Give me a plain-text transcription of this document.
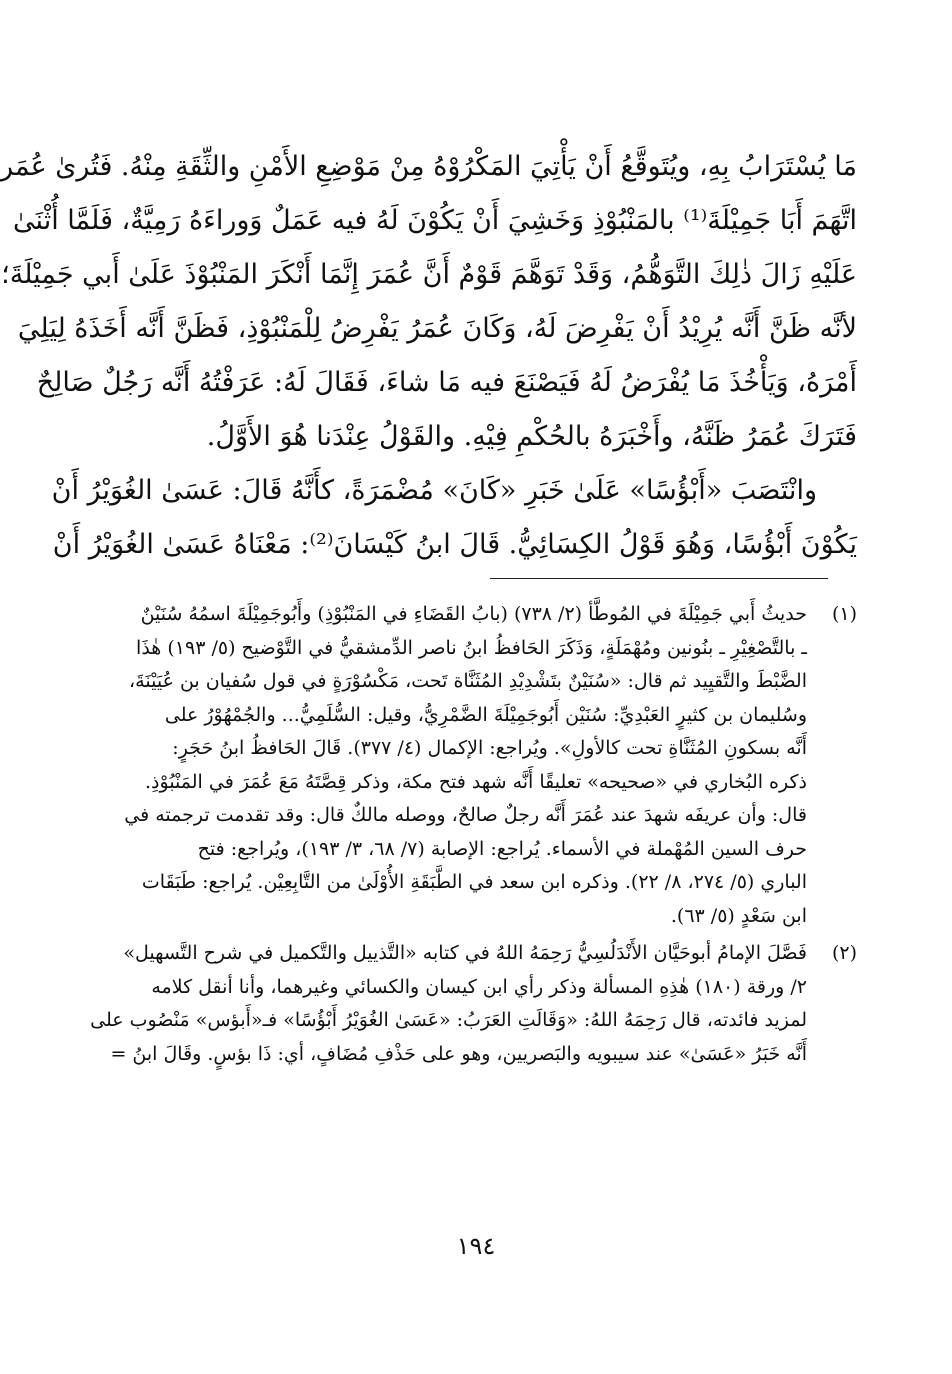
مَا يُسْتَرَابُ بِهِ، ويُتَوقَّعُ أَنْ يَأْتِيَ المَكْرُوْهُ مِنْ مَوْضِعِ الأَمْنِ والثِّقَةِ مِنْهُ. فَتُرىٰ عُمَر
اتَّهَمَ أَبَا جَمِيْلَةَ⁽¹⁾ بالمَنْبُوْذِ وَخَشِيَ أَنْ يَكُوْنَ لَهُ فيه عَمَلٌ وَوراءَهُ رَمِيَّةٌ، فَلَمَّا أُثْنَىٰ
عَلَيْهِ زَالَ ذٰلِكَ التَّوَهُّمُ، وَقَدْ تَوَهَّمَ قَوْمٌ أَنَّ عُمَرَ إِنَّمَا أَنْكَرَ المَنْبُوْذَ عَلَىٰ أَبي جَمِيْلَةَ؛
لأنَّه ظَنَّ أَنَّه يُرِيْدُ أَنْ يَفْرِضَ لَهُ، وَكَانَ عُمَرُ يَفْرِضُ لِلْمَنْبُوْذِ، فَظَنَّ أَنَّه أَخَذَهُ لِيَلِيَ
أَمْرَهُ، وَيَأْخُذَ مَا يُفْرَضُ لَهُ فَيَصْنَعَ فيه مَا شاءَ، فَقَالَ لَهُ: عَرَفْتُهُ أَنَّه رَجُلٌ صَالِحٌ
فَتَرَكَ عُمَرُ ظَنَّهُ، وأَخْبَرَهُ بالحُكْمِ فِيْهِ. والقَوْلُ عِنْدَنا هُوَ الأَوَّلُ.
وانْتَصَبَ «أَبْؤُسًا» عَلَىٰ خَبَرِ «كَانَ» مُضْمَرَةً، كأَنَّهُ قَالَ: عَسَىٰ الغُوَيْرُ أَنْ
يَكُوْنَ أَبْؤُسًا، وَهُوَ قَوْلُ الكِسَائِيُّ. قَالَ ابنُ كَيْسَانَ⁽²⁾: مَعْنَاهُ عَسَىٰ الغُوَيْرُ أَنْ
(١)
حديثُ أَبي جَمِيْلَةَ في المُوطَّأ (٢/ ٧٣٨) (بابُ القَضَاءِ في المَنْبُوْذِ) وأَبُوجَمِيْلَةَ اسمُهُ سُنَيْنٌ
ـ بالتَّصْغِيْرِ ـ بنُونين ومُهْمَلَةٍ، وَذَكَرَ الحَافظُ ابنُ ناصر الدِّمشقيُّ في التَّوْضيح (٥/ ١٩٣) هٰذَا
الضَّبْطَ والتَّقيِيد ثم قال: «سُنَيْنٌ بتَشْدِيْدِ المُثَنَّاة تَحت، مَكْسُوْرَةٍ في قول سُفيان بن عُيَيْنَةَ،
وسُليمان بن كثيرٍ العَبْدِيِّ: سُنَيْن أَبُوجَمِيْلَةَ الضَّمْرِيُّ، وقيل: السُّلَمِيُّ... والجُمْهُوْرُ على
أَنَّه بسكونِ المُثَنَّاةِ تحت كالأولِ». ويُراجع: الإكمال (٤/ ٣٧٧). قَالَ الحَافظُ ابنُ حَجَرٍ:
ذكره البُخاري في «صحيحه» تعليقًا أَنَّه شهد فتح مكة، وذكر قِصَّتَهُ مَعَ عُمَرَ في المَنْبُوْذِ.
قال: وأن عريفَه شهدَ عند عُمَرَ أَنَّه رجلٌ صالحٌ، ووصله مالكٌ قال: وقد تقدمت ترجمته في
حرف السين المُهْملة في الأسماء. يُراجع: الإصابة (٧/ ٦٨، ٣/ ١٩٣)، ويُراجع: فتح
الباري (٥/ ٢٧٤، ٨/ ٢٢). وذكره ابن سعد في الطَّبَقَةِ الأُوْلَىٰ من التَّابِعِيْن. يُراجع: طَبَقَات
ابن سَعْدٍ (٥/ ٦٣).
(٢)
فَصَّلَ الإمامُ أبوحَيَّان الأَنْدَلُسِيُّ رَحِمَهُ اللهُ في كتابه «التَّذييل والتَّكميل في شرح التَّسهيل»
٢/ ورقة (١٨٠) هٰذِهِ المسألة وذكر رأي ابن كيسان والكسائي وغيرهما، وأنا أنقل كلامه
لمزيد فائدته، قال رَحِمَهُ اللهُ: «وَقَالَتِ العَرَبُ: «عَسَىٰ الغُوَيْرُ أَبْؤُسًا» فـ«أَبؤس» مَنْصُوب على
أَنَّه خَبَرُ «عَسَىٰ» عند سيبويه والبَصريين، وهو على حَذْفِ مُضَافٍ، أي: ذَا بؤسٍ. وقَالَ ابنُ =
١٩٤
